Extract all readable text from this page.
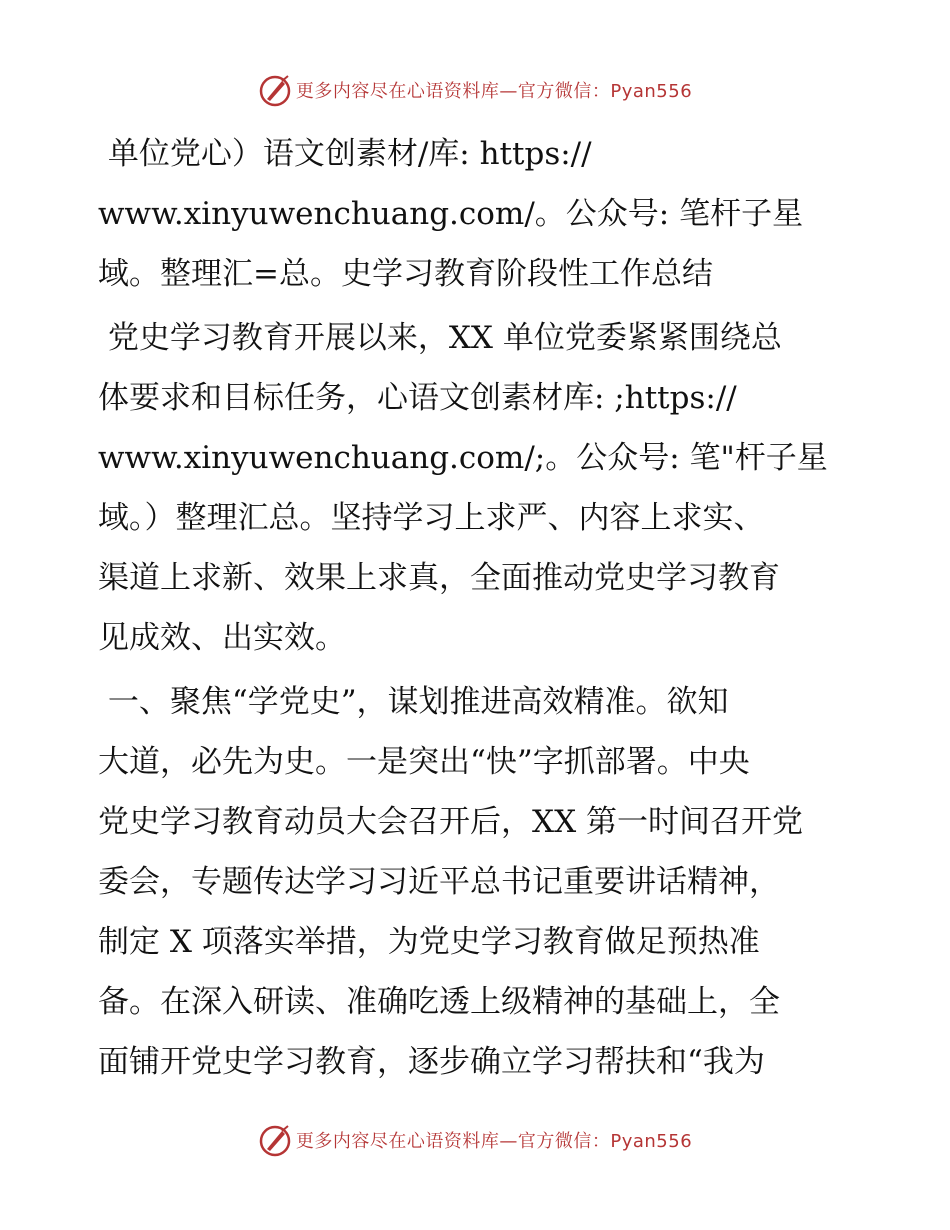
更多内容尽在心语资料库—官方微信：Pyan556

单位党心）语文创素材/库: https://
www.xinyuwenchuang.com/。公众号: 笔杆子星
域。整理汇=总。史学习教育阶段性工作总结

党史学习教育开展以来，XX 单位党委紧紧围绕总
体要求和目标任务，心语文创素材库: ;https://
www.xinyuwenchuang.com/;。公众号: 笔"杆子星
域。）整理汇总。坚持学习上求严、内容上求实、
渠道上求新、效果上求真，全面推动党史学习教育
见成效、出实效。

一、聚焦“学党史”，谋划推进高效精准。欲知
大道，必先为史。一是突出“快”字抓部署。中央
党史学习教育动员大会召开后，XX 第一时间召开党
委会，专题传达学习习近平总书记重要讲话精神，
制定 X 项落实举措，为党史学习教育做足预热准
备。在深入研读、准确吃透上级精神的基础上，全
面铺开党史学习教育，逐步确立学习帮扶和“我为

更多内容尽在心语资料库—官方微信：Pyan556
